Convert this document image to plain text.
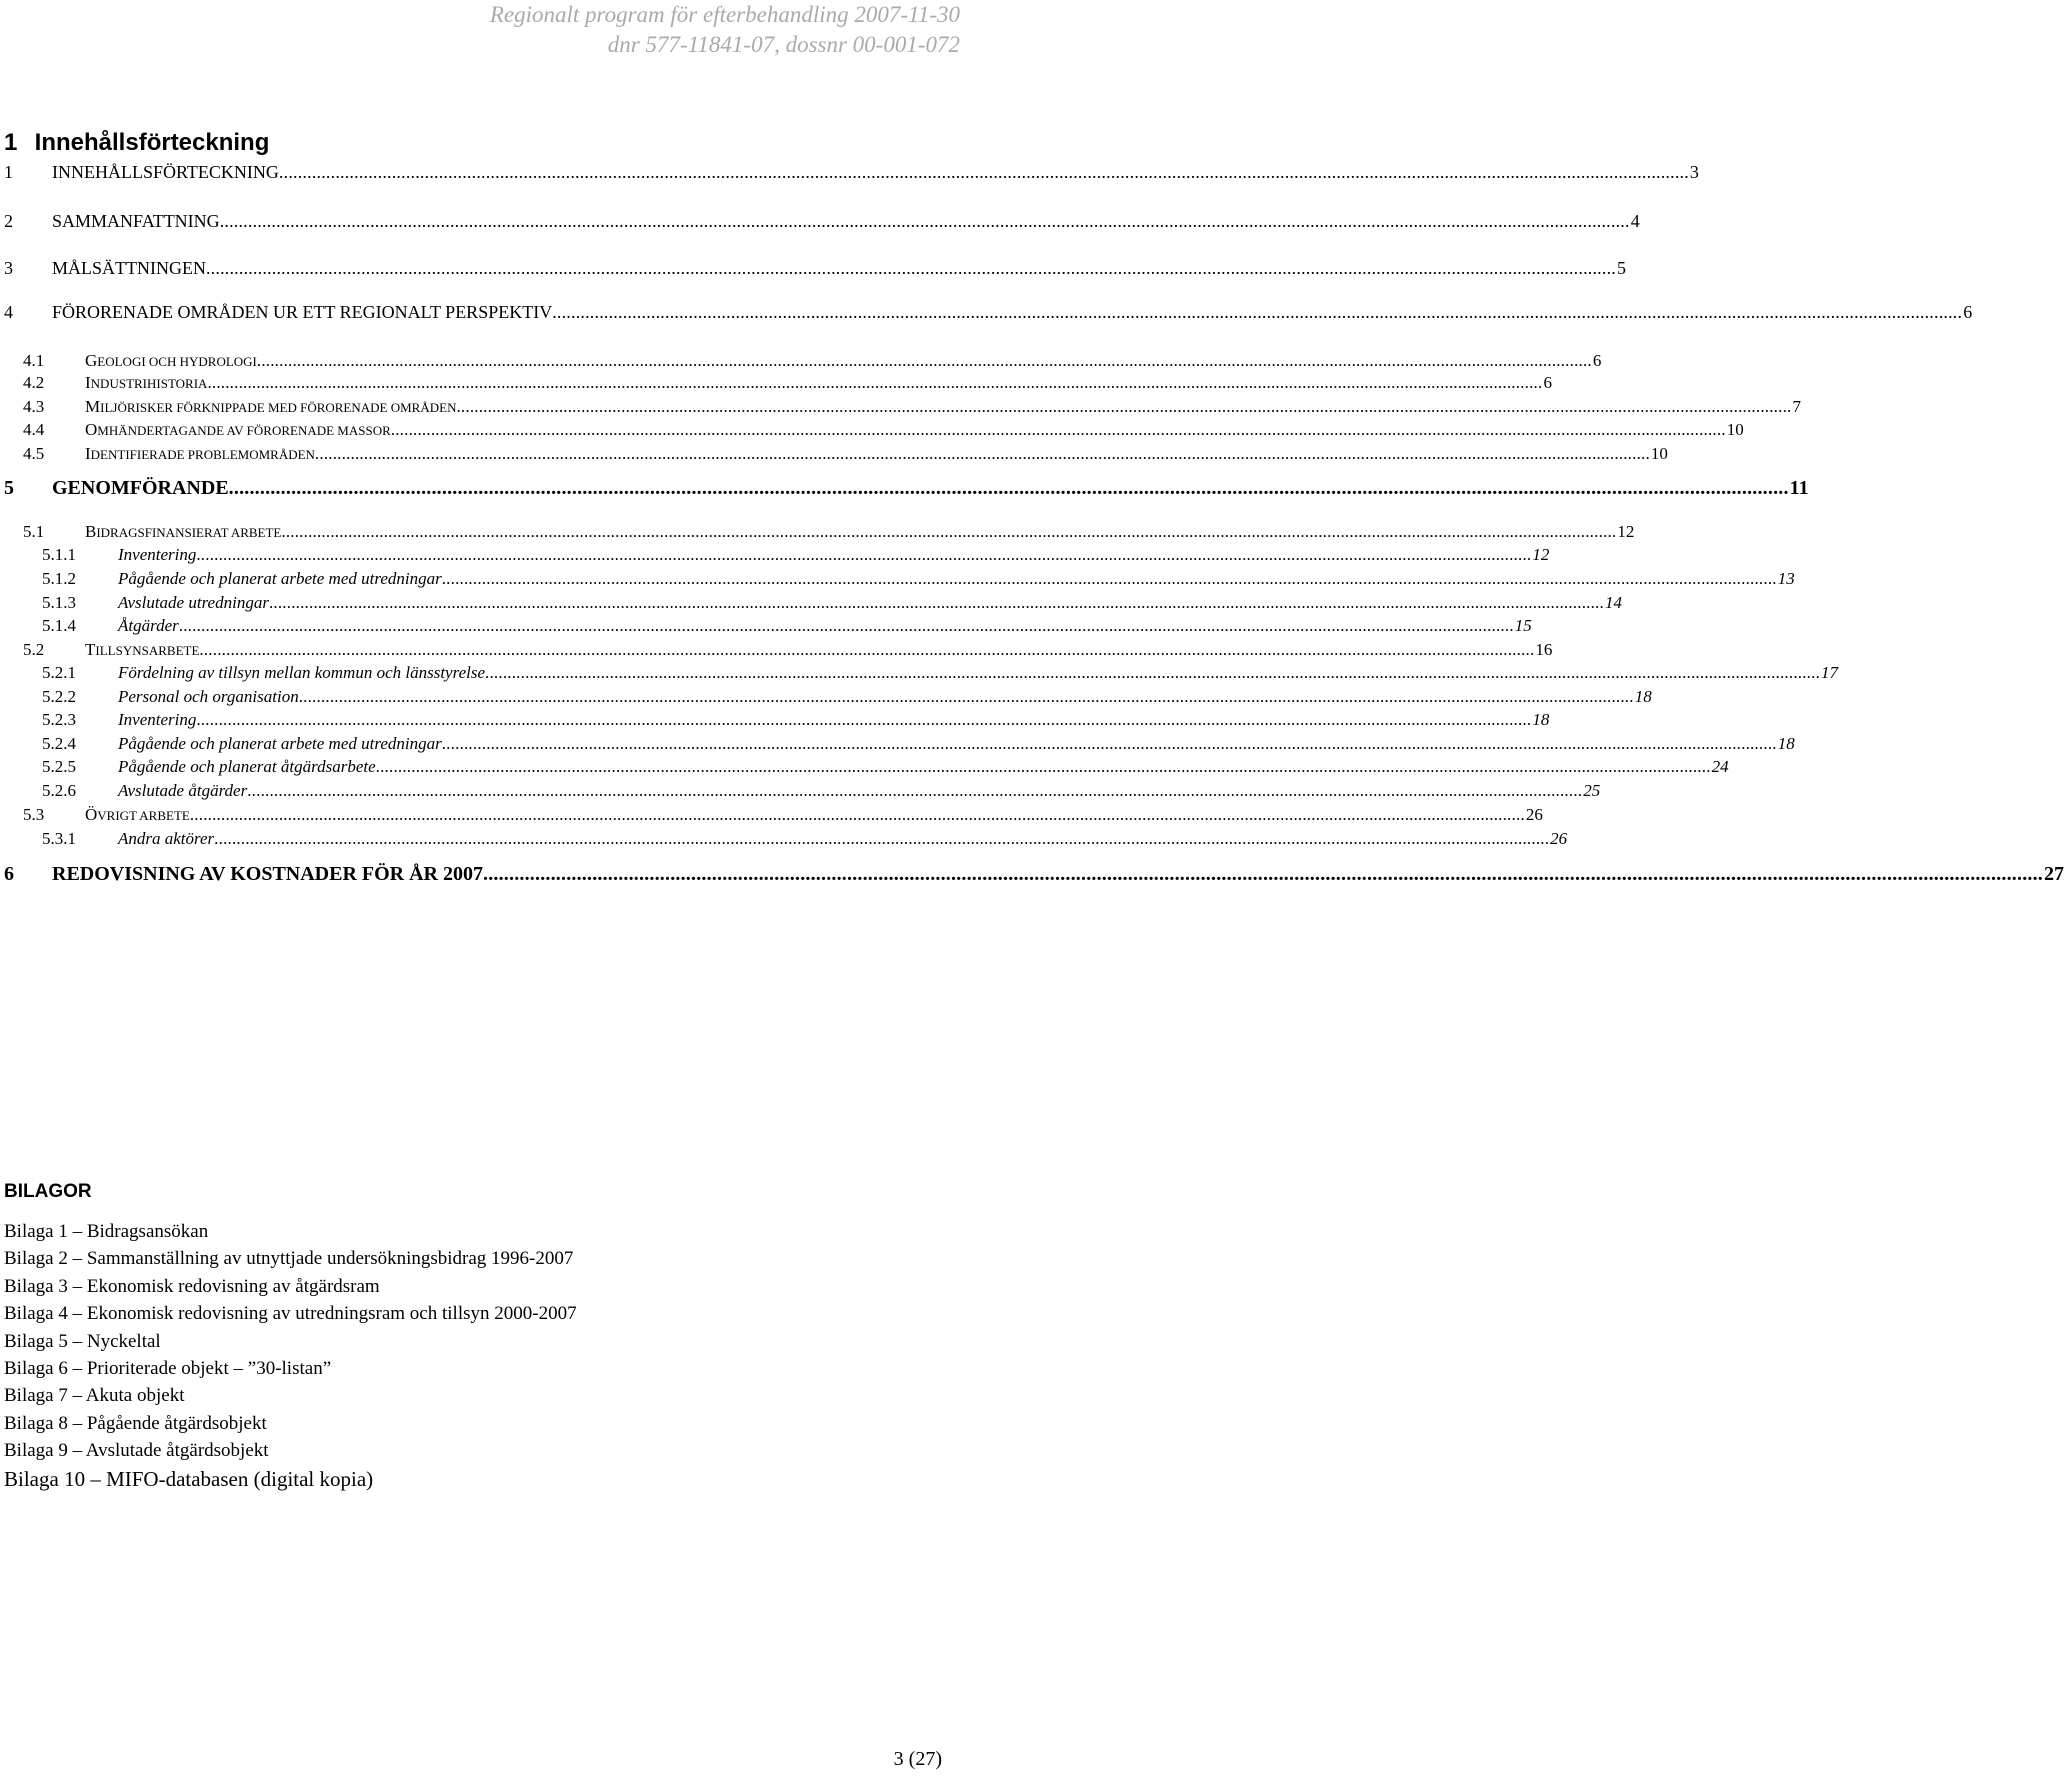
Regionalt program för efterbehandling 2007-11-30
dnr 577-11841-07, dossnr 00-001-072
1 Innehållsförteckning
1	INNEHÅLLSFÖRTECKNING ............................................................................................................................................................................................................................................................................................................ 3
2	SAMMANFATTNING ............................................................................................................................................................................................................................................................................................................ 4
3	MÅLSÄTTNINGEN ............................................................................................................................................................................................................................................................................................................ 5
4	FÖRORENADE OMRÅDEN UR ETT REGIONALT PERSPEKTIV ............................................................................................................................................................................................................................................................................................................ 6
4.1	GEOLOGI OCH HYDROLOGI ............................................................................................................................................................................................................................................................................................................ 6
4.2	INDUSTRIHISTORIA ............................................................................................................................................................................................................................................................................................................ 6
4.3	MILJÖRISKER FÖRKNIPPADE MED FÖRORENADE OMRÅDEN ............................................................................................................................................................................................................................................................................................................ 7
4.4	OMHÄNDERTAGANDE AV FÖRORENADE MASSOR ............................................................................................................................................................................................................................................................................................................ 10
4.5	IDENTIFIERADE PROBLEMOMRÅDEN ............................................................................................................................................................................................................................................................................................................ 10
5	GENOMFÖRANDE ............................................................................................................................................................................................................................................................................................................ 11
5.1	BIDRAGSFINANSIERAT ARBETE ............................................................................................................................................................................................................................................................................................................ 12
5.1.1	Inventering ............................................................................................................................................................................................................................................................................................................ 12
5.1.2	Pågående och planerat arbete med utredningar ............................................................................................................................................................................................................................................................................................................ 13
5.1.3	Avslutade utredningar ............................................................................................................................................................................................................................................................................................................ 14
5.1.4	Åtgärder ............................................................................................................................................................................................................................................................................................................ 15
5.2	TILLSYNSARBETE ............................................................................................................................................................................................................................................................................................................ 16
5.2.1	Fördelning av tillsyn mellan kommun och länsstyrelse ............................................................................................................................................................................................................................................................................................................ 17
5.2.2	Personal och organisation ............................................................................................................................................................................................................................................................................................................ 18
5.2.3	Inventering ............................................................................................................................................................................................................................................................................................................ 18
5.2.4	Pågående och planerat arbete med utredningar ............................................................................................................................................................................................................................................................................................................ 18
5.2.5	Pågående och planerat åtgärdsarbete ............................................................................................................................................................................................................................................................................................................ 24
5.2.6	Avslutade åtgärder ............................................................................................................................................................................................................................................................................................................ 25
5.3	ÖVRIGT ARBETE ............................................................................................................................................................................................................................................................................................................ 26
5.3.1	Andra aktörer ............................................................................................................................................................................................................................................................................................................ 26
6	REDOVISNING AV KOSTNADER FÖR ÅR 2007 ............................................................................................................................................................................................................................................................................................................ 27
BILAGOR
Bilaga 1 – Bidragsansökan
Bilaga 2 – Sammanställning av utnyttjade undersökningsbidrag 1996-2007
Bilaga 3 – Ekonomisk redovisning av åtgärdsram
Bilaga 4 – Ekonomisk redovisning av utredningsram och tillsyn 2000-2007
Bilaga 5 – Nyckeltal
Bilaga 6 – Prioriterade objekt – ”30-listan”
Bilaga 7 – Akuta objekt
Bilaga 8 – Pågående åtgärdsobjekt
Bilaga 9 – Avslutade åtgärdsobjekt
Bilaga 10 – MIFO-databasen (digital kopia)
3 (27)
